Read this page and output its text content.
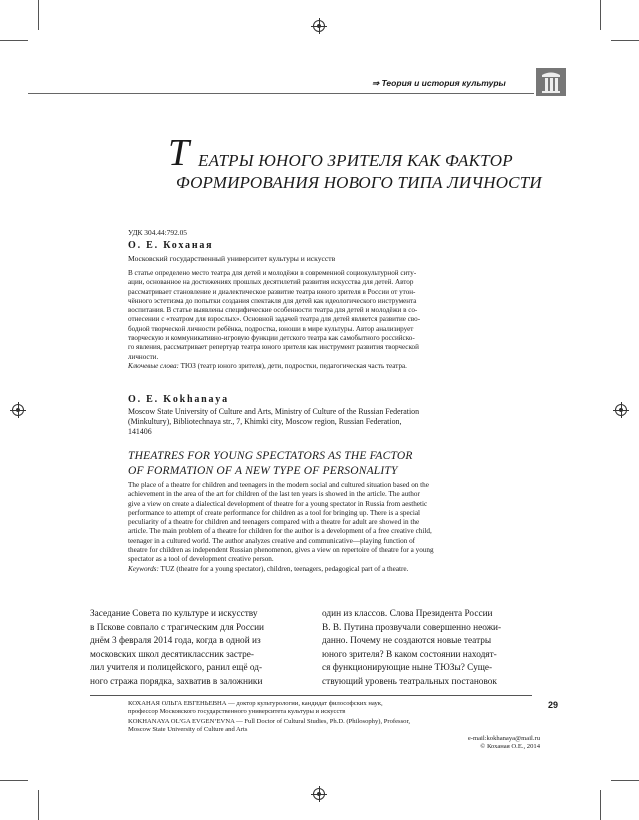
⇒ Теория и история культуры
Т ЕАТРЫ ЮНОГО ЗРИТЕЛЯ КАК ФАКТОР
ФОРМИРОВАНИЯ НОВОГО ТИПА ЛИЧНОСТИ
УДК 304.44:792.05
О. Е. Коханая
Московский государственный университет культуры и искусств
В статье определено место театра для детей и молодёжи в современной социокультурной ситу-
ации, основанное на достижениях прошлых десятилетий развития искусства для детей. Автор
рассматривает становление и диалектическое развитие театра юного зрителя в России от утон-
чённого эстетизма до попытки создания спектакля для детей как идеологического инструмента
воспитания. В статье выявлены специфические особенности театра для детей и молодёжи в со-
отнесении с «театром для взрослых». Основной задачей театра для детей является развитие сво-
бодной творческой личности ребёнка, подростка, юноши в мире культуры. Автор анализирует
творческую и коммуникативно-игровую функции детского театра как самобытного российско-
го явления, рассматривает репертуар театра юного зрителя как инструмент развития творческой
личности.
Ключевые слова: ТЮЗ (театр юного зрителя), дети, подростки, педагогическая часть театра.
O. E. Kokhanaya
Moscow State University of Culture and Arts, Ministry of Culture of the Russian Federation
(Minkultury), Bibliotechnaya str., 7, Khimki city, Moscow region, Russian Federation,
141406
THEATRES FOR YOUNG SPECTATORS AS THE FACTOR
OF FORMATION OF A NEW TYPE OF PERSONALITY
The place of a theatre for children and teenagers in the modern social and cultured situation based on the
achievement in the area of the art for children of the last ten years is showed in the article. The author
give a view on create a dialectical development of theatre for a young spectator in Russia from aesthetic
performance to attempt of create performance for children as a tool for bringing up. There is a special
peculiarity of a theatre for children and teenagers compared with a theatre for adult are showed in the
article. The main problem of a theatre for children for the author is a development of a free creative child,
teenager in a cultured world. The author analyzes creative and communicative—playing function of
theatre for children as independent Russian phenomenon, gives a view on repertoire of theatre for a young
spectator as a tool of development creative person.
Keywords: TUZ (theatre for a young spectator), children, teenagers, pedagogical part of a theatre.
Заседание Совета по культуре и искусству
в Пскове совпало с трагическим для России
днём 3 февраля 2014 года, когда в одной из
московских школ десятиклассник застре-
лил учителя и полицейского, ранил ещё од-
ного стража порядка, захватив в заложники
один из классов. Слова Президента России
В. В. Путина прозвучали совершенно неожи-
данно. Почему не создаются новые театры
юного зрителя? В каком состоянии находят-
ся функционирующие ныне ТЮЗы? Суще-
ствующий уровень театральных постановок
29
КОХАНАЯ ОЛЬГА ЕВГЕНЬЕВНА — доктор культурологии, кандидат философских наук,
профессор Московского государственного университета культуры и искусств
KOKHANAYA OL’GA EVGEN’EVNA — Full Doctor of Cultural Studies, Ph.D. (Philosophy), Professor,
Moscow State University of Culture and Arts
e-mail:kokhanaya@mail.ru
© Коханая О.Е., 2014
